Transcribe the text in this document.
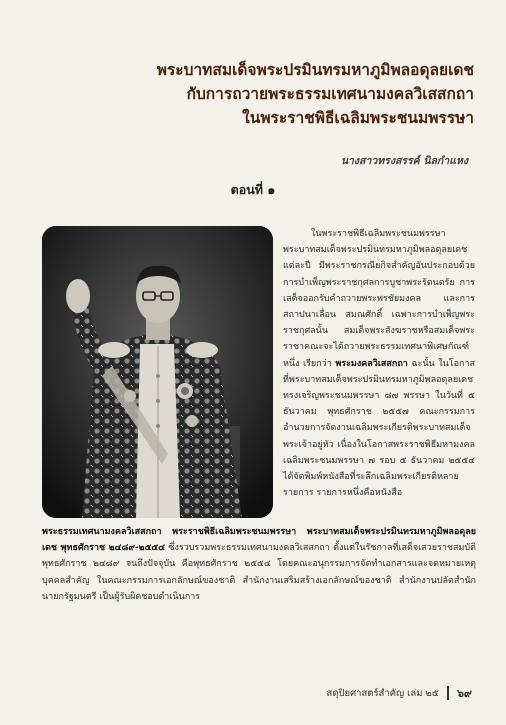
พระบาทสมเด็จพระปรมินทรมหาภูมิพลอดุลยเดช
กับการถวายพระธรรมเทศนามงคลวิเสสกถา
ในพระราชพิธีเฉลิมพระชนมพรรษา
นางสาวทรงสรรค์ นิลกำแหง
ตอนที่ ๑

ในพระราชพิธีเฉลิมพระชนมพรรษา พระบาทสมเด็จพระปรมินทรมหาภูมิพลอดุลยเดชแต่ละปี มีพระราชกรณียกิจสำคัญอันประกอบด้วยการบำเพ็ญพระราชกุศลการบูชาพระรัตนตรัย การเสด็จออกรับคำถวายพระพรชัยมงคล และการสถาปนาเลื่อน สมณศักดิ์ เฉพาะการบำเพ็ญพระราชกุศลนั้น สมเด็จพระสังฆราชหรือสมเด็จพระราชาคณะจะได้ถวายพระธรรมเทศนาพิเศษกัณฑ์หนึ่ง เรียกว่า พระมงคลวิเสสกถา ฉะนั้น ในโอกาสที่พระบาทสมเด็จพระปรมินทรมหาภูมิพลอดุลยเดชทรงเจริญพระชนมพรรษา ๘๗ พรรษา ในวันที่ ๕ ธันวาคม พุทธศักราช ๒๕๕๗ คณะกรรมการอำนวยการจัดงานเฉลิมพระเกียรติพระบาทสมเด็จพระเจ้าอยู่หัว เนื่องในโอกาสพระราชพิธีมหามงคลเฉลิมพระชนมพรรษา ๗ รอบ ๕ ธันวาคม ๒๕๕๔ ได้จัดพิมพ์หนังสือที่ระลึกเฉลิมพระเกียรติหลายรายการ รายการหนึ่งคือหนังสือ

พระธรรมเทศนามงคลวิเสสกถา พระราชพิธีเฉลิมพระชนมพรรษา พระบาทสมเด็จพระปรมินทรมหาภูมิพลอดุลยเดช พุทธศักราช ๒๔๘๙-๒๕๕๔ ซึ่งรวบรวมพระธรรมเทศนามงคลวิเสสกถา ตั้งแต่ในรัชกาลที่เสด็จเสวยราชสมบัติพุทธศักราช ๒๔๘๙ จนถึงปัจจุบัน คือพุทธศักราช ๒๕๕๔ โดยคณะอนุกรรมการจัดทำเอกสารและจดหมายเหตุบุคคลสำคัญ ในคณะกรรมการเอกลักษณ์ของชาติ สำนักงานเสริมสร้างเอกลักษณ์ของชาติ สำนักงานปลัดสำนักนายกรัฐมนตรี เป็นผู้รับผิดชอบดำเนินการ

สดุปิยศาสตร์สำคัญ เล่ม ๒๕ ๖๙
